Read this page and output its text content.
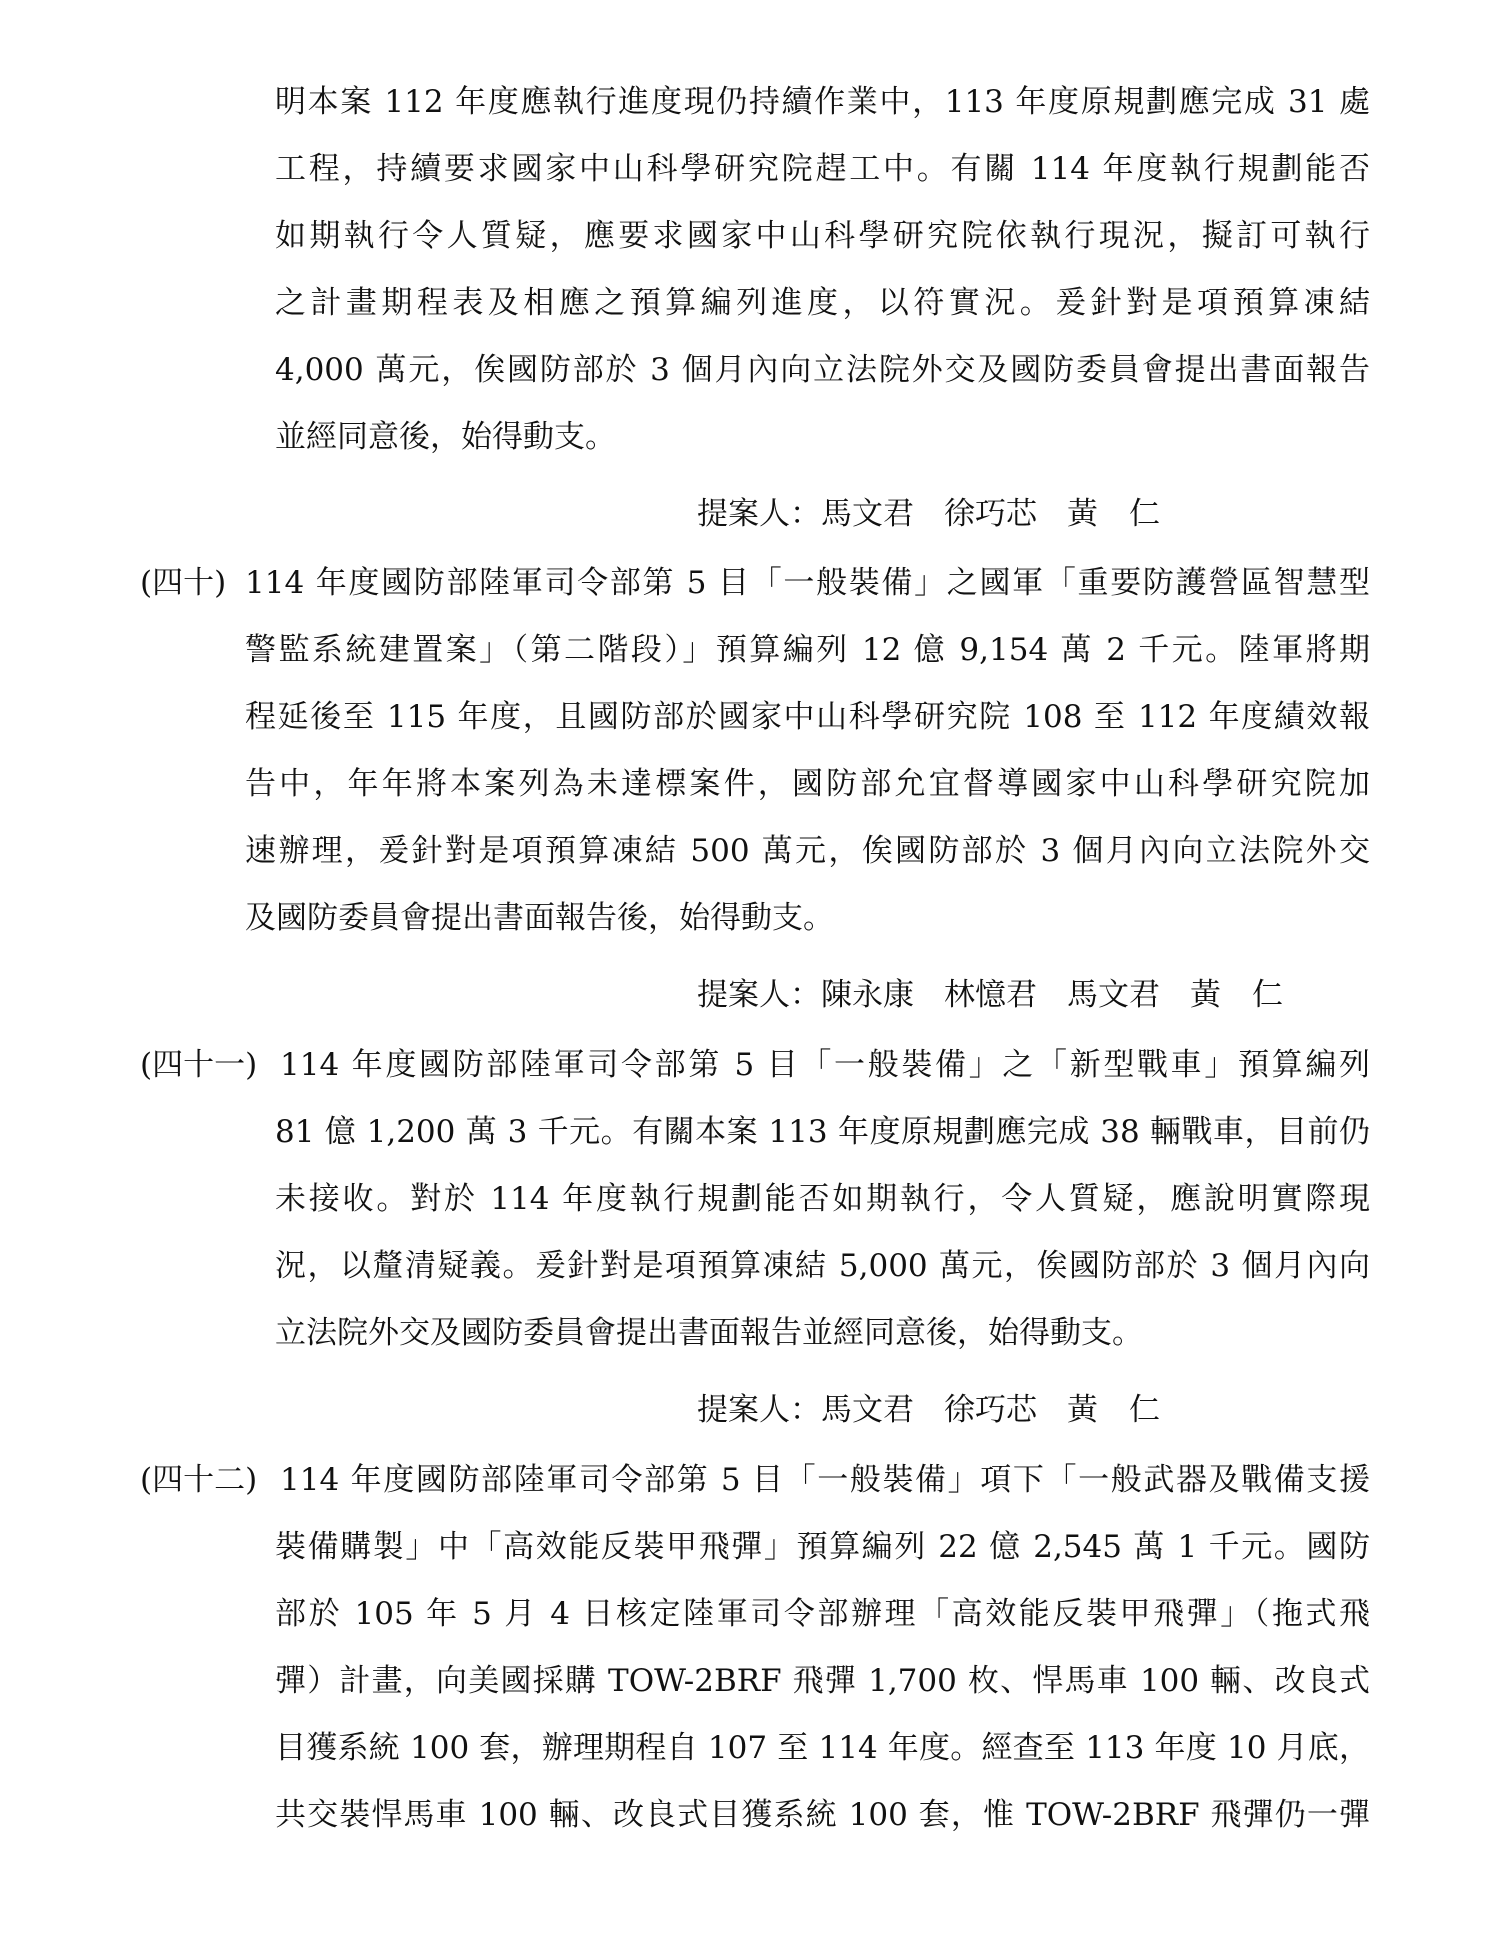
明本案 112 年度應執行進度現仍持續作業中，113 年度原規劃應完成 31 處
工程，持續要求國家中山科學研究院趕工中。有關 114 年度執行規劃能否
如期執行令人質疑，應要求國家中山科學研究院依執行現況，擬訂可執行
之計畫期程表及相應之預算編列進度，以符實況。爰針對是項預算凍結
4,000 萬元，俟國防部於 3 個月內向立法院外交及國防委員會提出書面報告
並經同意後，始得動支。
提案人：馬文君 徐巧芯 黃　仁
(四十) 114 年度國防部陸軍司令部第 5 目「一般裝備」之國軍「重要防護營區智慧型
警監系統建置案」（第二階段）」預算編列 12 億 9,154 萬 2 千元。陸軍將期
程延後至 115 年度，且國防部於國家中山科學研究院 108 至 112 年度績效報
告中，年年將本案列為未達標案件，國防部允宜督導國家中山科學研究院加
速辦理，爰針對是項預算凍結 500 萬元，俟國防部於 3 個月內向立法院外交
及國防委員會提出書面報告後，始得動支。
提案人：陳永康 林憶君 馬文君 黃　仁
(四十一) 114 年度國防部陸軍司令部第 5 目「一般裝備」之「新型戰車」預算編列
81 億 1,200 萬 3 千元。有關本案 113 年度原規劃應完成 38 輛戰車，目前仍
未接收。對於 114 年度執行規劃能否如期執行，令人質疑，應說明實際現
況，以釐清疑義。爰針對是項預算凍結 5,000 萬元，俟國防部於 3 個月內向
立法院外交及國防委員會提出書面報告並經同意後，始得動支。
提案人：馬文君 徐巧芯 黃　仁
(四十二) 114 年度國防部陸軍司令部第 5 目「一般裝備」項下「一般武器及戰備支援
裝備購製」中「高效能反裝甲飛彈」預算編列 22 億 2,545 萬 1 千元。國防
部於 105 年 5 月 4 日核定陸軍司令部辦理「高效能反裝甲飛彈」（拖式飛
彈）計畫，向美國採購 TOW-2BRF 飛彈 1,700 枚、悍馬車 100 輛、改良式
目獲系統 100 套，辦理期程自 107 至 114 年度。經查至 113 年度 10 月底，
共交裝悍馬車 100 輛、改良式目獲系統 100 套，惟 TOW-2BRF 飛彈仍一彈
